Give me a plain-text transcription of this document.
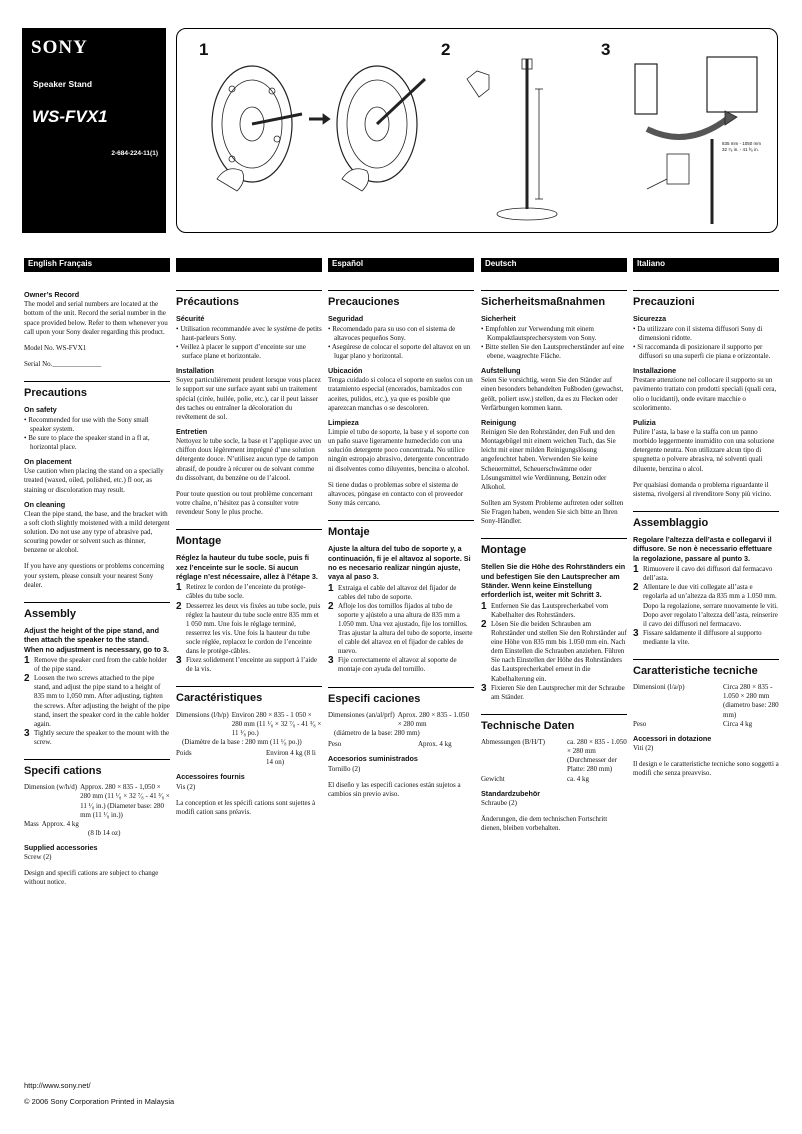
SONY
Speaker Stand
WS-FVX1
2-684-224-11(1)
1	2	3
835 mm - 1050 mm
32 ⁷⁄₈ in. - 41 ³⁄₈ in.
English Français
Owner’s Record

The model and serial numbers are located at the bottom of the unit. Record the serial number in the space provided below. Refer to them whenever you call upon your Sony dealer regarding this product.

Model No. WS-FVX1

Serial No.______________

Precautions
On safety
• Recommended for use with the Sony small speaker system.
• Be sure to place the speaker stand in a fl at, horizontal place.
On placement

Use caution when placing the stand on a specially treated (waxed, oiled, polished, etc.) fl oor, as staining or discoloration may result.

On cleaning

Clean the pipe stand, the base, and the bracket with a soft cloth slightly moistened with a mild detergent solution. Do not use any type of abrasive pad, scouring powder or solvent such as thinner, benzene or alcohol.

If you have any questions or problems concerning your system, please consult your nearest Sony dealer.

Assembly
Adjust the height of the pipe stand, and then attach the speaker to the stand. When no adjustment is necessary, go to 3.
1 Remove the speaker cord from the cable holder of the pipe stand.
2 Loosen the two screws attached to the pipe stand, and adjust the pipe stand to a height of 835 mm to 1,050 mm. After adjusting, tighten the screws. After adjusting the height of the pipe stand, insert the speaker cord in the cable holder again.
3 Tightly secure the speaker to the mount with the screw.
Specifi cations
Dimension (w/h/d) Approx. 280 × 835 - 1,050 × 280 mm (11 ¹⁄₈ × 32 ⁷⁄₈ - 41 ³⁄₈ × 11 ¹⁄₈ in.) (Diameter base: 280 mm (11 ¹⁄₈ in.))
Mass Approx. 4 kg

(8 lb 14 oz)

Supplied accessories

Screw (2)

Design and specifi cations are subject to change without notice.

Précautions
Sécurité
• Utilisation recommandée avec le système de petits haut-parleurs Sony.
• Veillez à placer le support d’enceinte sur une surface plane et horizontale.
Installation

Soyez particulièrement prudent lorsque vous placez le support sur une surface ayant subi un traitement spécial (cirée, huilée, polie, etc.), car il peut laisser des taches ou entraîner la décoloration du revêtement de sol.

Entretien

Nettoyez le tube socle, la base et l’applique avec un chiffon doux légèrement imprégné d’une solution détergente douce. N’utilisez aucun type de tampon abrasif, de poudre à récurer ou de solvant comme du dissolvant, du benzène ou de l’alcool.

Pour toute question ou tout problème concernant votre chaîne, n’hésitez pas à consulter votre revendeur Sony le plus proche.

Montage
Réglez la hauteur du tube socle, puis fi xez l’enceinte sur le socle. Si aucun réglage n’est nécessaire, allez à l’étape 3.
1 Retirez le cordon de l’enceinte du protège-câbles du tube socle.
2 Desserrez les deux vis fixées au tube socle, puis réglez la hauteur du tube socle entre 835 mm et 1 050 mm. Une fois le réglage terminé, resserrez les vis. Une fois la hauteur du tube socle réglée, replacez le cordon de l’enceinte dans le protège-câbles.
3 Fixez solidement l’enceinte au support à l’aide de la vis.
Caractéristiques
Dimensions (l/h/p) Environ 280 × 835 - 1 050 × 280 mm (11 ¹⁄₈ × 32 ⁷⁄₈ - 41 ³⁄₈ × 11 ¹⁄₈ po.)

(Diamètre de la base : 280 mm (11 ¹⁄₈ po.))

Poids	Environ 4 kg (8 li 14 on)
Accessoires fournis

Vis (2)

La conception et les spécifi cations sont sujettes à modifi cation sans préavis.

Español
Precauciones
Seguridad
• Recomendado para su uso con el sistema de altavoces pequeños Sony.
• Asegúrese de colocar el soporte del altavoz en un lugar plano y horizontal.
Ubicación

Tenga cuidado si coloca el soporte en suelos con un tratamiento especial (encerados, barnizados con aceites, pulidos, etc.), ya que es posible que aparezcan manchas o se descoloren.

Limpieza

Limpie el tubo de soporte, la base y el soporte con un paño suave ligeramente humedecido con una solución detergente poco concentrada. No utilice ningún estropajo abrasivo, detergente concentrado ni disolventes como diluyentes, bencina o alcohol.

Si tiene dudas o problemas sobre el sistema de altavoces, póngase en contacto con el proveedor Sony más cercano.

Montaje
Ajuste la altura del tubo de soporte y, a continuación, fi je el altavoz al soporte. Si no es necesario realizar ningún ajuste, vaya al paso 3.
1 Extraiga el cable del altavoz del fijador de cables del tubo de soporte.
2 Afloje los dos tornillos fijados al tubo de soporte y ajústelo a una altura de 835 mm a 1.050 mm. Una vez ajustado, fije los tornillos. Tras ajustar la altura del tubo de soporte, inserte el cable del altavoz en el fijador de cables de nuevo.
3 Fije correctamente el altavoz al soporte de montaje con ayuda del tornillo.
Especifi caciones
Dimensiones (an/al/prf) Aprox. 280 × 835 - 1.050 × 280 mm

(diámetro de la base: 280 mm)

Peso	Aprox. 4 kg
Accesorios suministrados

Tornillo (2)

El diseño y las especifi caciones están sujetos a cambios sin previo aviso.

Deutsch
Sicherheitsmaßnahmen
Sicherheit
• Empfohlen zur Verwendung mit einem Kompaktlautsprechersystem von Sony.
• Bitte stellen Sie den Lautsprecherständer auf eine ebene, waagrechte Fläche.
Aufstellung

Seien Sie vorsichtig, wenn Sie den Ständer auf einen besonders behandelten Fußboden (gewachst, geölt, poliert usw.) stellen, da es zu Flecken oder Verfärbungen kommen kann.

Reinigung

Reinigen Sie den Rohrständer, den Fuß und den Montagebügel mit einem weichen Tuch, das Sie leicht mit einer milden Reinigungslösung angefeuchtet haben. Verwenden Sie keine Scheuermittel, Scheuerschwämme oder Lösungsmittel wie Verdünnung, Benzin oder Alkohol.

Sollten am System Probleme auftreten oder sollten Sie Fragen haben, wenden Sie sich bitte an Ihren Sony-Händler.

Montage
Stellen Sie die Höhe des Rohrständers ein und befestigen Sie den Lautsprecher am Ständer. Wenn keine Einstellung erforderlich ist, weiter mit Schritt 3.
1 Entfernen Sie das Lautsprecherkabel vom Kabelhalter des Rohrständers.
2 Lösen Sie die beiden Schrauben am Rohrständer und stellen Sie den Rohrständer auf eine Höhe von 835 mm bis 1.050 mm ein. Nach dem Einstellen die Schrauben anziehen. Führen Sie nach Einstellen der Höhe des Rohrständers das Lautsprecherkabel erneut in die Kabelhalterung ein.
3 Fixieren Sie den Lautsprecher mit der Schraube am Ständer.
Technische Daten
Abmessungen (B/H/T)	ca. 280 × 835 - 1.050 × 280 mm (Durchmesser der Platte: 280 mm)
Gewicht	ca. 4 kg
Standardzubehör

Schraube (2)

Änderungen, die dem technischen Fortschritt dienen, bleiben vorbehalten.

Italiano
Precauzioni
Sicurezza
• Da utilizzare con il sistema diffusori Sony di dimensioni ridotte.
• Si raccomanda di posizionare il supporto per diffusori su una superfi cie piana e orizzontale.
Installazione

Prestare attenzione nel collocare il supporto su un pavimento trattato con prodotti speciali (quali cera, olio o lucidanti), onde evitare macchie o scolorimento.

Pulizia

Pulire l’asta, la base e la staffa con un panno morbido leggermente inumidito con una soluzione detergente neutra. Non utilizzare alcun tipo di spugnetta o polvere abrasiva, né solventi quali diluente, benzina o alcol.

Per qualsiasi domanda o problema riguardante il sistema, rivolgersi al rivenditore Sony più vicino.

Assemblaggio
Regolare l’altezza dell’asta e collegarvi il diffusore. Se non è necessario effettuare la regolazione, passare al punto 3.
1 Rimuovere il cavo dei diffusori dal fermacavo dell’asta.
2 Allentare le due viti collegate all’asta e regolarla ad un’altezza da 835 mm a 1.050 mm. Dopo la regolazione, serrare nuovamente le viti. Dopo aver regolato l’altezza dell’asta, reinserire il cavo dei diffusori nel fermacavo.
3 Fissare saldamente il diffusore al supporto mediante la vite.
Caratteristiche tecniche
Dimensioni (l/a/p)	Circa 280 × 835 - 1.050 × 280 mm (diametro base: 280 mm)
Peso	Circa 4 kg
Accessori in dotazione

Viti (2)

Il design e le caratteristiche tecniche sono soggetti a modifi che senza preavviso.

http://www.sony.net/
© 2006 Sony Corporation Printed in Malaysia
